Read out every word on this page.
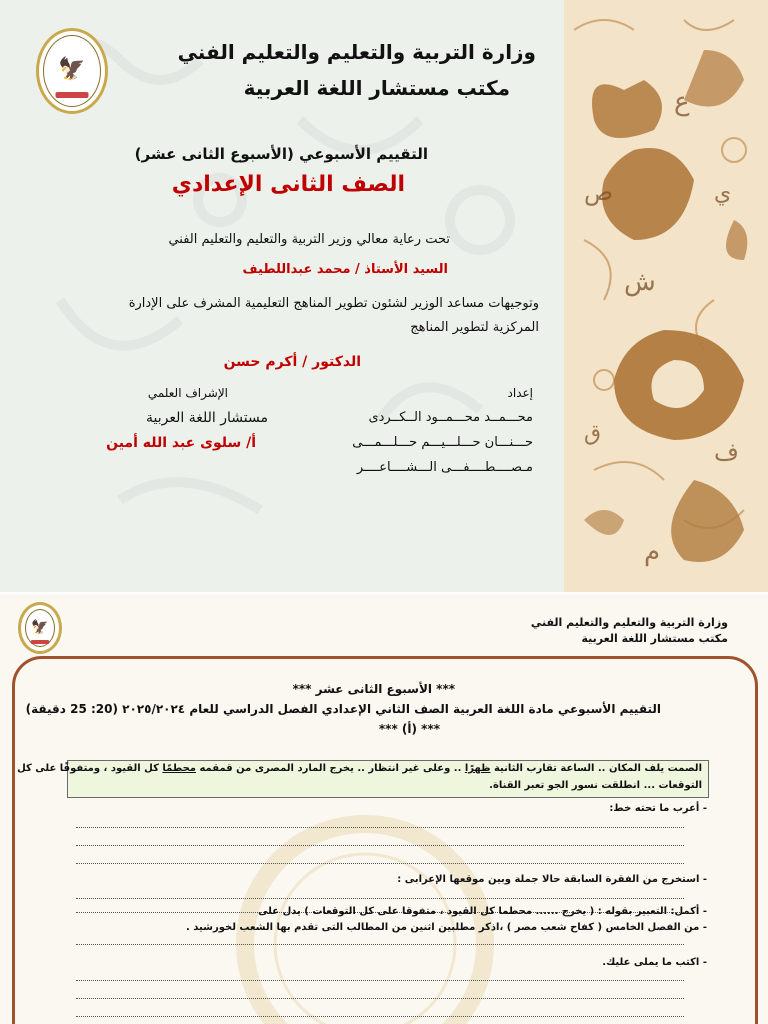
ع
ص	ي
ش
ق
ف
م
🦅
وزارة التربية والتعليم والتعليم الفني
مكتب مستشار اللغة العربية
التقييم الأسبوعي (الأسبوع الثانى عشر)
الصف الثانى الإعدادي
تحت رعاية معالي وزير التربية والتعليم والتعليم الفني
السيد الأستاذ / محمد عبداللطيف
وتوجيهات مساعد الوزير لشئون تطوير المناهج التعليمية المشرف على الإدارة
المركزية لتطوير المناهج
الدكتور / أكرم حسن
الإشراف العلمي
مستشار اللغة العربية
أ/ سلوى عبد الله أمين
إعداد
محـــمــد محـــمــود الــكــردى
حـــنـــان حـــلـــيـــم حـــلـــمـــى
مـصــــطــــفـــى الـــشــــاعــــر
🦅	وزارة التربية والتعليم والتعليم الفني
مكتب مستشار اللغة العربية
*** الأسبوع الثانى عشر ***
التقييم الأسبوعي مادة اللغة العربية الصف الثاني الإعدادي الفصل الدراسي للعام ٢٠٢٥/٢٠٢٤ (20: 25 دقيقة)
*** (أ) ***
الصمت يلف المكان .. الساعة تقارب الثانية ظهرًا .. وعلى غير انتظار .. يخرج المارد المصرى من قمقمه محطمًا كل القيود ، ومتفوقًا على كل
التوقعات ... انطلقت نسور الجو تعبر القناة.
- أعرب ما تحته خط:
- استخرج من الفقرة السابقة حالا جملة وبين موقعها الإعرابى :
- أكمل: التعبير بقوله : ( يخرج ...... محطما كل القيود ، متفوقا على كل التوقعات ) يدل على
- من الفصل الخامس ( كفاح شعب مصر ) ،اذكر مطلبين اثنين من المطالب التى تقدم بها الشعب لخورشيد .
- اكتب ما يملى عليك.
